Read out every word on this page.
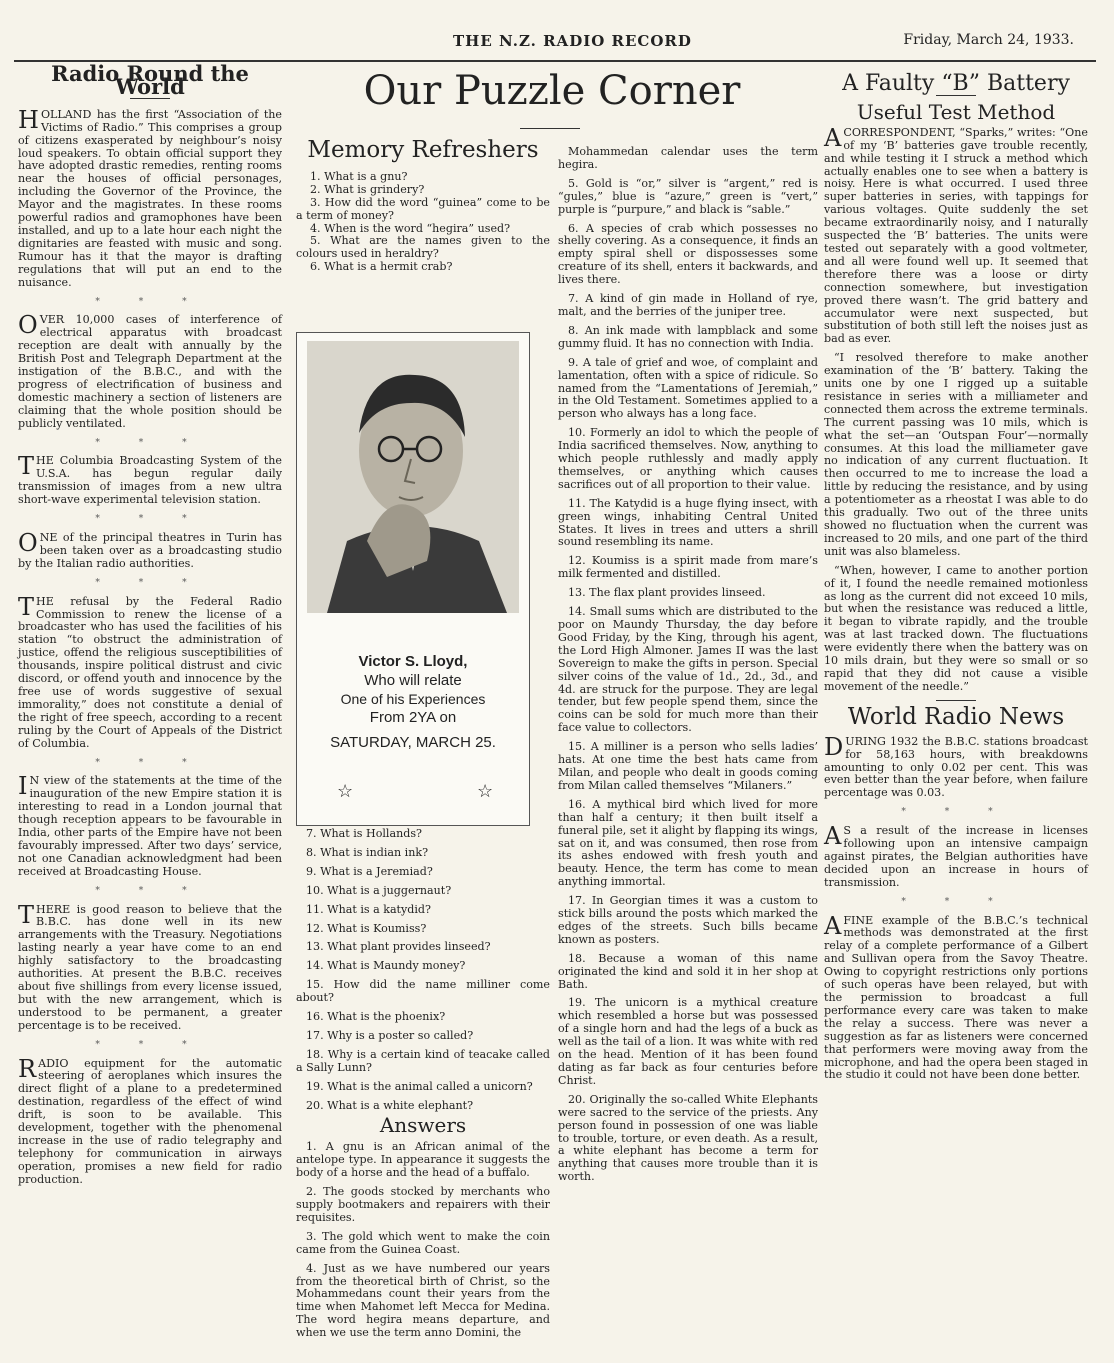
THE N.Z. RADIO RECORD	Friday, March 24, 1933.
Radio Round the World

HOLLAND has the first “Association of the Victims of Radio.” This comprises a group of citizens exasperated by neighbour’s noisy loud speakers. To obtain official support they have adopted drastic remedies, renting rooms near the houses of official personages, including the Governor of the Province, the Mayor and the magistrates. In these rooms powerful radios and gramophones have been installed, and up to a late hour each night the dignitaries are feasted with music and song. Rumour has it that the mayor is drafting regulations that will put an end to the nuisance.

* * *

OVER 10,000 cases of interference of electrical apparatus with broadcast reception are dealt with annually by the British Post and Telegraph Department at the instigation of the B.B.C., and with the progress of electrification of business and domestic machinery a section of listeners are claiming that the whole position should be publicly ventilated.

* * *

THE Columbia Broadcasting System of the U.S.A. has begun regular daily transmission of images from a new ultra short-wave experimental television station.

* * *

ONE of the principal theatres in Turin has been taken over as a broadcasting studio by the Italian radio authorities.

* * *

THE refusal by the Federal Radio Commission to renew the license of a broadcaster who has used the facilities of his station “to obstruct the administration of justice, offend the religious susceptibilities of thousands, inspire political distrust and civic discord, or offend youth and innocence by the free use of words suggestive of sexual immorality,” does not constitute a denial of the right of free speech, according to a recent ruling by the Court of Appeals of the District of Columbia.

* * *

I N view of the statements at the time of the inauguration of the new Empire station it is interesting to read in a London journal that though reception appears to be favourable in India, other parts of the Empire have not been favourably impressed. After two days’ service, not one Canadian acknowledgment had been received at Broadcasting House.

* * *

THERE is good reason to believe that the B.B.C. has done well in its new arrangements with the Treasury. Negotiations lasting nearly a year have come to an end highly satisfactory to the broadcasting authorities. At present the B.B.C. receives about five shillings from every license issued, but with the new arrangement, which is understood to be permanent, a greater percentage is to be received.

* * *

RADIO equipment for the automatic steering of aeroplanes which insures the direct flight of a plane to a predetermined destination, regardless of the effect of wind drift, is soon to be available. This development, together with the phenomenal increase in the use of radio telegraphy and telephony for communication in airways operation, promises a new field for radio production.

Our Puzzle Corner
Memory Refreshers

1. What is a gnu?

2. What is grindery?

3. How did the word “guinea” come to be a term of money?

4. When is the word “hegira” used?

5. What are the names given to the colours used in heraldry?

6. What is a hermit crab?

Victor S. Lloyd,
Who will relate
One of his Experiences
From 2YA on
SATURDAY, MARCH 25.
☆	☆

7. What is Hollands?

8. What is indian ink?

9. What is a Jeremiad?

10. What is a juggernaut?

11. What is a katydid?

12. What is Koumiss?

13. What plant provides linseed?

14. What is Maundy money?

15. How did the name milliner come about?

16. What is the phoenix?

17. Why is a poster so called?

18. Why is a certain kind of teacake called a Sally Lunn?

19. What is the animal called a unicorn?

20. What is a white elephant?

Answers

1. A gnu is an African animal of the antelope type. In appearance it suggests the body of a horse and the head of a buffalo.

2. The goods stocked by merchants who supply bootmakers and repairers with their requisites.

3. The gold which went to make the coin came from the Guinea Coast.

4. Just as we have numbered our years from the theoretical birth of Christ, so the Mohammedans count their years from the time when Mahomet left Mecca for Medina. The word hegira means departure, and when we use the term anno Domini, the

Mohammedan calendar uses the term hegira.

5. Gold is “or,” silver is “argent,” red is “gules,” blue is “azure,” green is “vert,” purple is “purpure,” and black is “sable.”

6. A species of crab which possesses no shelly covering. As a consequence, it finds an empty spiral shell or dispossesses some creature of its shell, enters it backwards, and lives there.

7. A kind of gin made in Holland of rye, malt, and the berries of the juniper tree.

8. An ink made with lampblack and some gummy fluid. It has no connection with India.

9. A tale of grief and woe, of complaint and lamentation, often with a spice of ridicule. So named from the “Lamentations of Jeremiah,” in the Old Testament. Sometimes applied to a person who always has a long face.

10. Formerly an idol to which the people of India sacrificed themselves. Now, anything to which people ruthlessly and madly apply themselves, or anything which causes sacrifices out of all proportion to their value.

11. The Katydid is a huge flying insect, with green wings, inhabiting Central United States. It lives in trees and utters a shrill sound resembling its name.

12. Koumiss is a spirit made from mare’s milk fermented and distilled.

13. The flax plant provides linseed.

14. Small sums which are distributed to the poor on Maundy Thursday, the day before Good Friday, by the King, through his agent, the Lord High Almoner. James II was the last Sovereign to make the gifts in person. Special silver coins of the value of 1d., 2d., 3d., and 4d. are struck for the purpose. They are legal tender, but few people spend them, since the coins can be sold for much more than their face value to collectors.

15. A milliner is a person who sells ladies’ hats. At one time the best hats came from Milan, and people who dealt in goods coming from Milan called themselves “Milaners.”

16. A mythical bird which lived for more than half a century; it then built itself a funeral pile, set it alight by flapping its wings, sat on it, and was consumed, then rose from its ashes endowed with fresh youth and beauty. Hence, the term has come to mean anything immortal.

17. In Georgian times it was a custom to stick bills around the posts which marked the edges of the streets. Such bills became known as posters.

18. Because a woman of this name originated the kind and sold it in her shop at Bath.

19. The unicorn is a mythical creature which resembled a horse but was possessed of a single horn and had the legs of a buck as well as the tail of a lion. It was white with red on the head. Mention of it has been found dating as far back as four centuries before Christ.

20. Originally the so-called White Elephants were sacred to the service of the priests. Any person found in possession of one was liable to trouble, torture, or even death. As a result, a white elephant has become a term for anything that causes more trouble than it is worth.

A Faulty “B” Battery
Useful Test Method

A CORRESPONDENT, “Sparks,” writes: “One of my ‘B’ batteries gave trouble recently, and while testing it I struck a method which actually enables one to see when a battery is noisy. Here is what occurred. I used three super batteries in series, with tappings for various voltages. Quite suddenly the set became extraordinarily noisy, and I naturally suspected the ‘B’ batteries. The units were tested out separately with a good voltmeter, and all were found well up. It seemed that therefore there was a loose or dirty connection somewhere, but investigation proved there wasn’t. The grid battery and accumulator were next suspected, but substitution of both still left the noises just as bad as ever.

“I resolved therefore to make another examination of the ‘B’ battery. Taking the units one by one I rigged up a suitable resistance in series with a milliameter and connected them across the extreme terminals. The current passing was 10 mils, which is what the set—an ‘Outspan Four’—normally consumes. At this load the milliameter gave no indication of any current fluctuation. It then occurred to me to increase the load a little by reducing the resistance, and by using a potentiometer as a rheostat I was able to do this gradually. Two out of the three units showed no fluctuation when the current was increased to 20 mils, and one part of the third unit was also blameless.

“When, however, I came to another portion of it, I found the needle remained motionless as long as the current did not exceed 10 mils, but when the resistance was reduced a little, it began to vibrate rapidly, and the trouble was at last tracked down. The fluctuations were evidently there when the battery was on 10 mils drain, but they were so small or so rapid that they did not cause a visible movement of the needle.”

World Radio News

DURING 1932 the B.B.C. stations broadcast for 58,163 hours, with breakdowns amounting to only 0.02 per cent. This was even better than the year before, when failure percentage was 0.03.

* * *

A S a result of the increase in licenses following upon an intensive campaign against pirates, the Belgian authorities have decided upon an increase in hours of transmission.

* * *

A FINE example of the B.B.C.’s technical methods was demonstrated at the first relay of a complete performance of a Gilbert and Sullivan opera from the Savoy Theatre. Owing to copyright restrictions only portions of such operas have been relayed, but with the permission to broadcast a full performance every care was taken to make the relay a success. There was never a suggestion as far as listeners were concerned that performers were moving away from the microphone, and had the opera been staged in the studio it could not have been done better.
